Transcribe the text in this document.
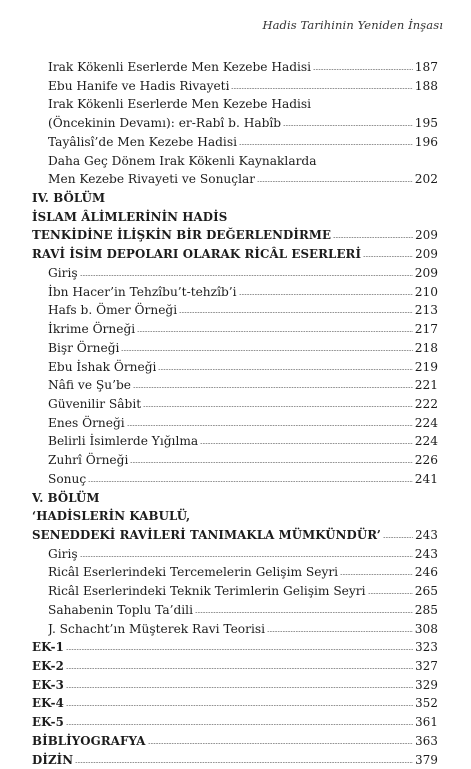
Hadis Tarihinin Yeniden İnşası
Irak Kökenli Eserlerde Men Kezebe Hadisi	187
Ebu Hanife ve Hadis Rivayeti	188
Irak Kökenli Eserlerde Men Kezebe Hadisi
(Öncekinin Devamı): er-Rabî b. Habîb	195
Tayâlisî’de Men Kezebe Hadisi	196
Daha Geç Dönem Irak Kökenli Kaynaklarda
Men Kezebe Rivayeti ve Sonuçlar	202
IV. BÖLÜM
İSLAM ÂLİMLERİNİN HADİS
TENKİDİNE İLİŞKİN BİR DEĞERLENDİRME	209
RAVİ İSİM DEPOLARI OLARAK RİCÂL ESERLERİ	209
Giriş	209
İbn Hacer’in Tehzîbu’t-tehzîb’i	210
Hafs b. Ömer Örneği	213
İkrime Örneği	217
Bişr Örneği	218
Ebu İshak Örneği	219
Nâfi ve Şu’be	221
Güvenilir Sâbit	222
Enes Örneği	224
Belirli İsimlerde Yığılma	224
Zuhrî Örneği	226
Sonuç	241
V. BÖLÜM
‘HADİSLERİN KABULÜ,
SENEDDEKİ RAVİLERİ TANIMAKLA MÜMKÜNDÜR’	243
Giriş	243
Ricâl Eserlerindeki Tercemelerin Gelişim Seyri	246
Ricâl Eserlerindeki Teknik Terimlerin Gelişim Seyri	265
Sahabenin Toplu Ta’dili	285
J. Schacht’ın Müşterek Ravi Teorisi	308
EK-1	323
EK-2	327
EK-3	329
EK-4	352
EK-5	361
BİBLİYOGRAFYA	363
DİZİN	379
